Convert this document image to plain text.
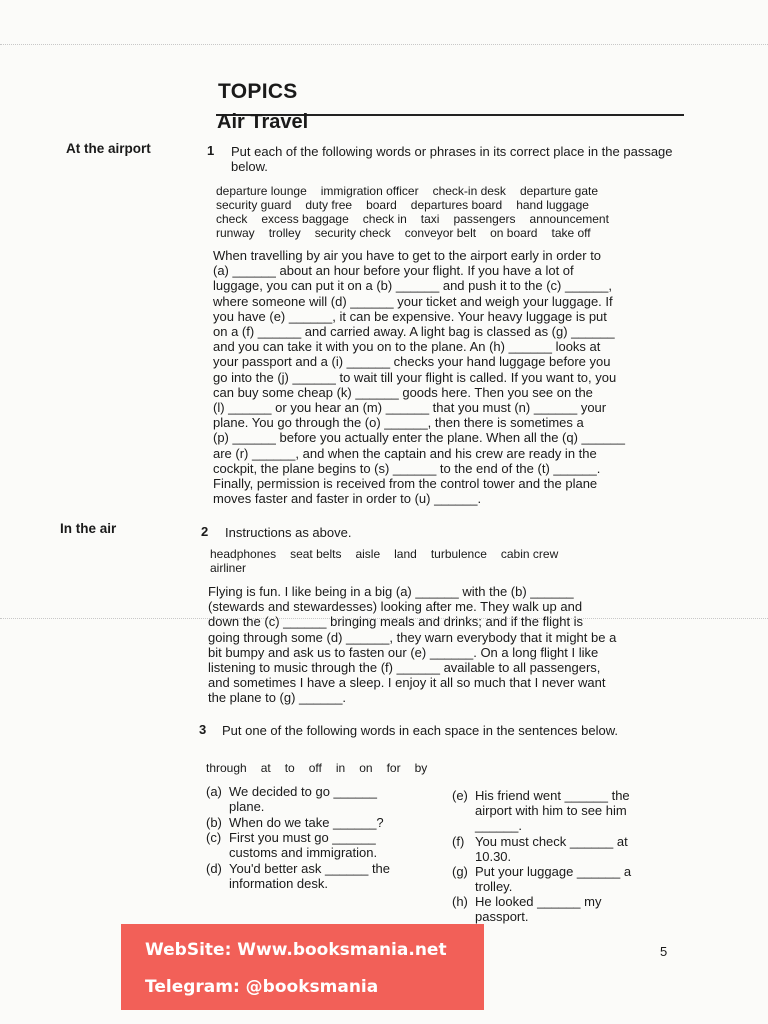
TOPICS
Air Travel
At the airport
In the air
1 Put each of the following words or phrases in its correct place in the passage below.
departure lounge immigration officer check-in desk departure gate
security guard duty free board departures board hand luggage
check excess baggage check in taxi passengers announcement
runway trolley security check conveyor belt on board take off

When travelling by air you have to get to the airport early in order to

(a) ______ about an hour before your flight. If you have a lot of

luggage, you can put it on a (b) ______ and push it to the (c) ______,

where someone will (d) ______ your ticket and weigh your luggage. If

you have (e) ______, it can be expensive. Your heavy luggage is put

on a (f) ______ and carried away. A light bag is classed as (g) ______

and you can take it with you on to the plane. An (h) ______ looks at

your passport and a (i) ______ checks your hand luggage before you

go into the (j) ______ to wait till your flight is called. If you want to, you

can buy some cheap (k) ______ goods here. Then you see on the

(l) ______ or you hear an (m) ______ that you must (n) ______ your

plane. You go through the (o) ______, then there is sometimes a

(p) ______ before you actually enter the plane. When all the (q) ______

are (r) ______, and when the captain and his crew are ready in the

cockpit, the plane begins to (s) ______ to the end of the (t) ______.

Finally, permission is received from the control tower and the plane

moves faster and faster in order to (u) ______.

2 Instructions as above.
headphones seat belts aisle land turbulence cabin crew
airliner

Flying is fun. I like being in a big (a) ______ with the (b) ______

(stewards and stewardesses) looking after me. They walk up and

down the (c) ______ bringing meals and drinks; and if the flight is

going through some (d) ______, they warn everybody that it might be a

bit bumpy and ask us to fasten our (e) ______. On a long flight I like

listening to music through the (f) ______ available to all passengers,

and sometimes I have a sleep. I enjoy it all so much that I never want

the plane to (g) ______.

3	Put one of the following words in each space in the sentences below.
through at to off in on for by
(a) We decided to go ______ plane.
(b) When do we take ______?
(c) First you must go ______ customs and immigration.
(d) You'd better ask ______ the information desk.
(e) His friend went ______ the airport with him to see him ______.
(f) You must check ______ at 10.30.
(g) Put your luggage ______ a trolley.
(h) He looked ______ my passport.
5
WebSite: Www.booksmania.net
Telegram: @booksmania
